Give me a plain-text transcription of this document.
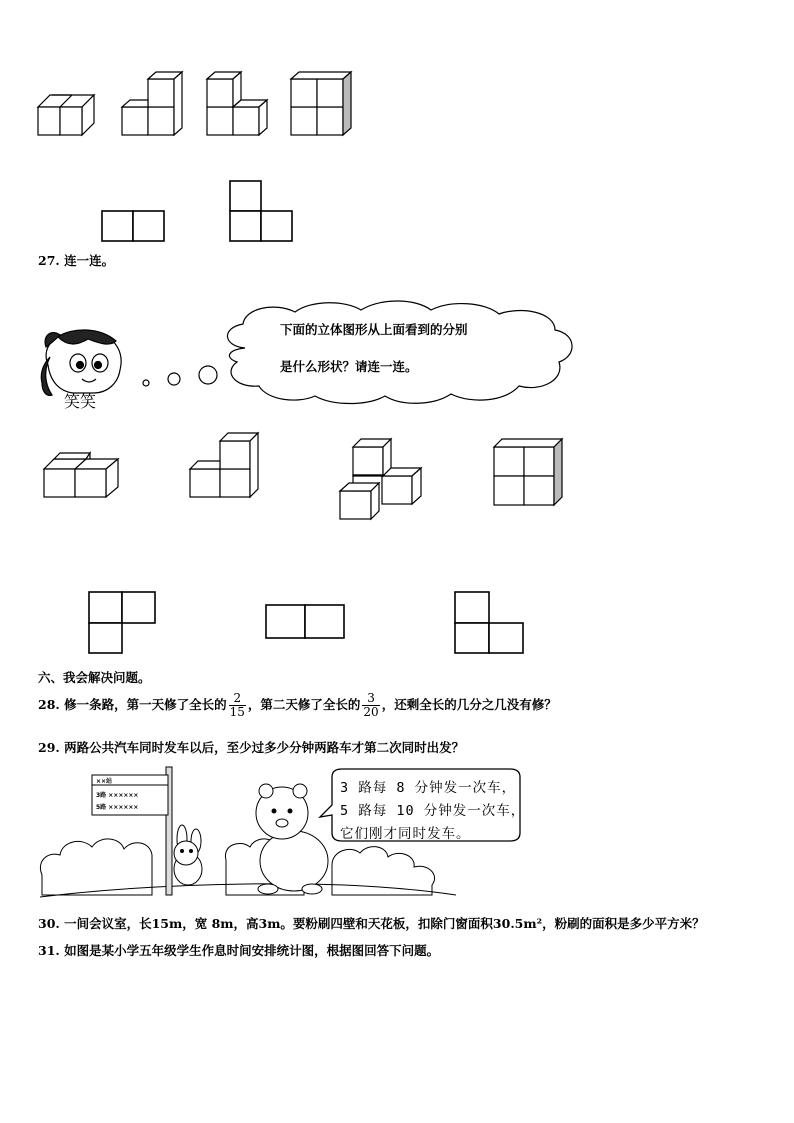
27. 连一连。
笑笑
下面的立体图形从上面看到的分别
是什么形状？请连一连。
六、我会解决问题。
28. 修一条路，第一天修了全长的 $\frac{2}{15}$ ，第二天修了全长的 $\frac{3}{20}$ ，还剩全长的几分之几没有修？
29. 两路公共汽车同时发车以后，至少过多少分钟两路车才第二次同时出发？
××站
3路 ××××××
5路 ××××××
3 路每 8 分钟发一次车，
5 路每 10 分钟发一次车，
它们刚才同时发车。
30. 一间会议室，长15m，宽 8m，高3m。要粉刷四壁和天花板，扣除门窗面积30.5m²，粉刷的面积是多少平方米？
31. 如图是某小学五年级学生作息时间安排统计图，根据图回答下问题。
